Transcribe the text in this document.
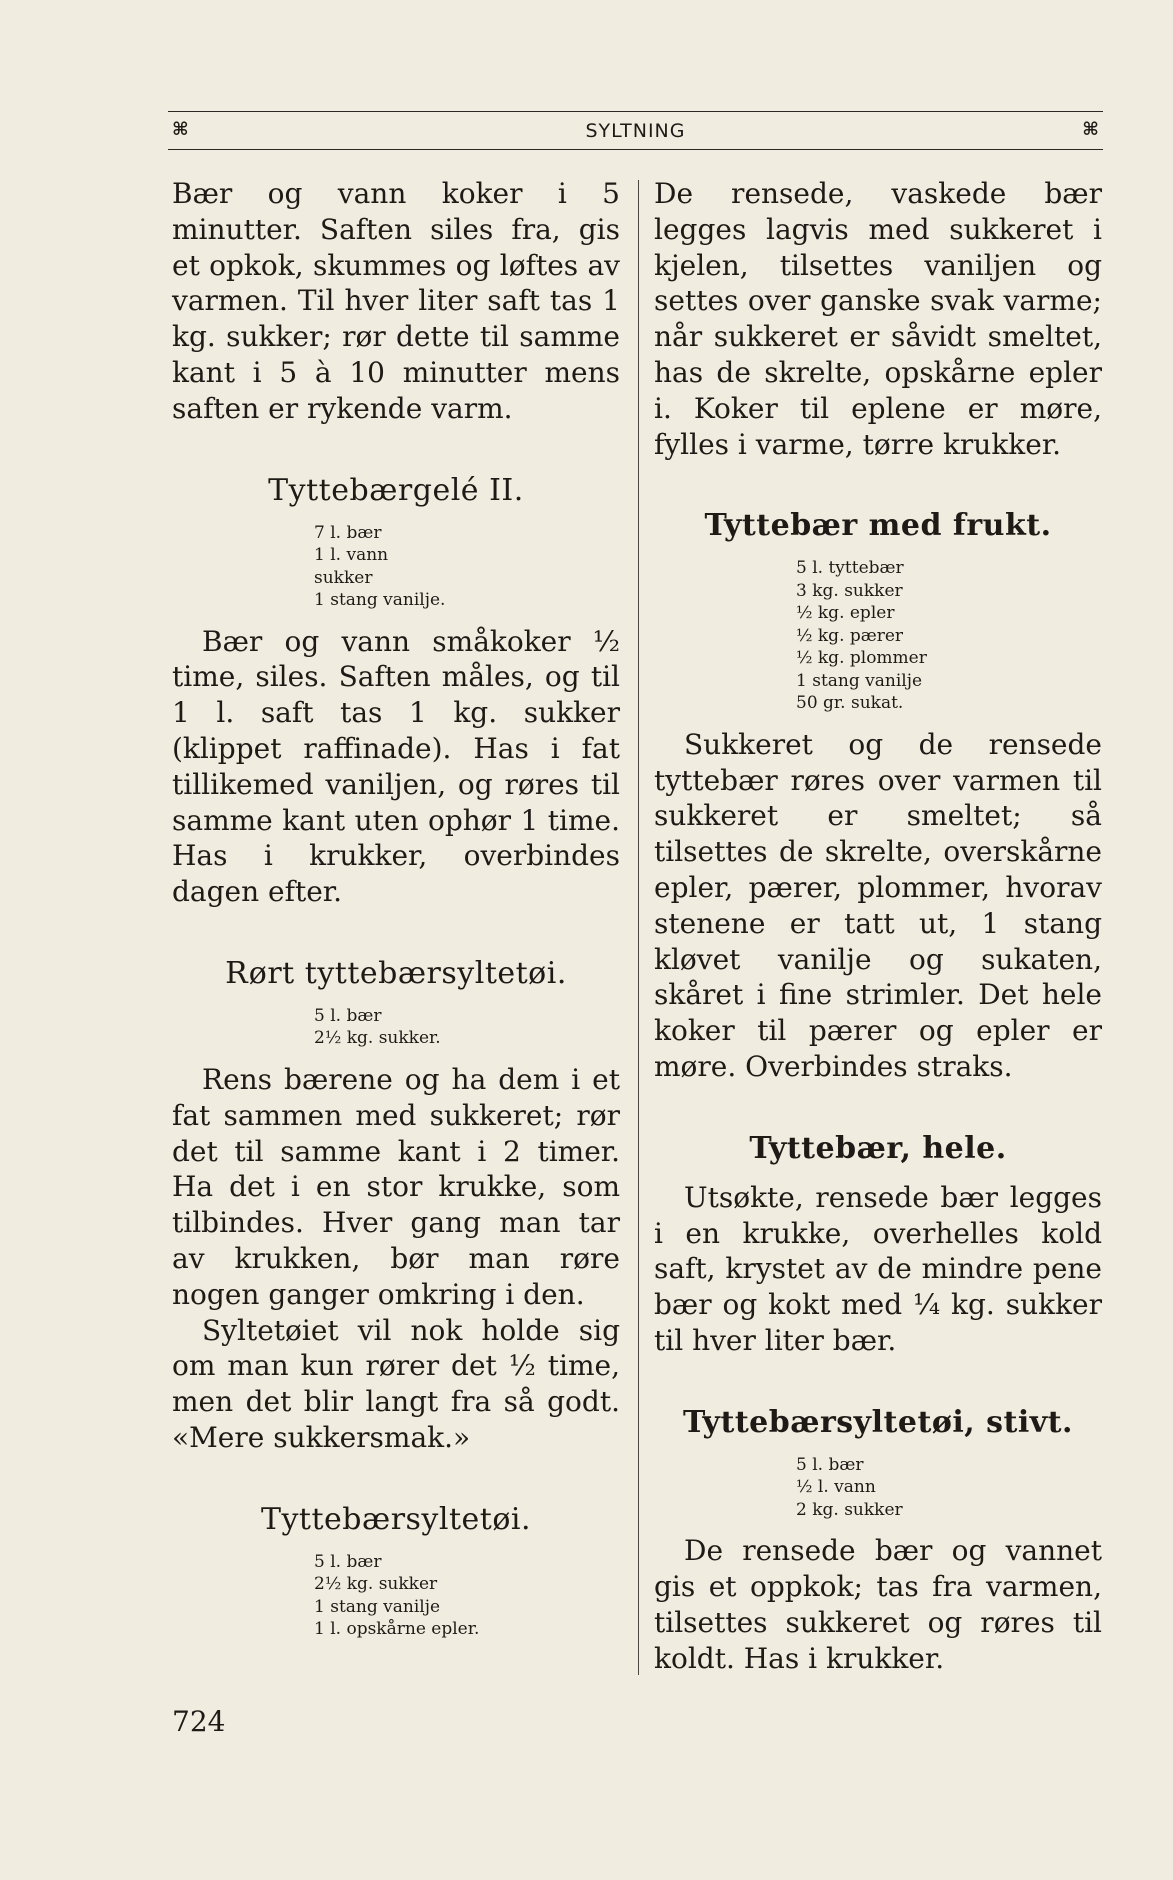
⌘	SYLTNING	⌘

Bær og vann koker i 5 minutter. Saften siles fra, gis et opkok, skummes og løftes av varmen. Til hver liter saft tas 1 kg. sukker; rør dette til samme kant i 5 à 10 minutter mens saften er rykende varm.

Tyttebærgelé II.
7 l. bær
1 l. vann
sukker
1 stang vanilje.

Bær og vann småkoker ½ time, siles. Saften måles, og til 1 l. saft tas 1 kg. sukker (klippet raffinade). Has i fat tillikemed vaniljen, og røres til samme kant uten ophør 1 time. Has i krukker, overbindes dagen efter.

Rørt tyttebærsyltetøi.
5 l. bær
2½ kg. sukker.

Rens bærene og ha dem i et fat sammen med sukkeret; rør det til samme kant i 2 timer. Ha det i en stor krukke, som tilbindes. Hver gang man tar av krukken, bør man røre nogen ganger omkring i den.

Syltetøiet vil nok holde sig om man kun rører det ½ time, men det blir langt fra så godt. «Mere sukkersmak.»

Tyttebærsyltetøi.
5 l. bær
2½ kg. sukker
1 stang vanilje
1 l. opskårne epler.

De rensede, vaskede bær legges lagvis med sukkeret i kjelen, tilsettes vaniljen og settes over ganske svak varme; når sukkeret er såvidt smeltet, has de skrelte, opskårne epler i. Koker til eplene er møre, fylles i varme, tørre krukker.

Tyttebær med frukt.
5 l. tyttebær
3 kg. sukker
½ kg. epler
½ kg. pærer
½ kg. plommer
1 stang vanilje
50 gr. sukat.

Sukkeret og de rensede tyttebær røres over varmen til sukkeret er smeltet; så tilsettes de skrelte, overskårne epler, pærer, plommer, hvorav stenene er tatt ut, 1 stang kløvet vanilje og sukaten, skåret i fine strimler. Det hele koker til pærer og epler er møre. Overbindes straks.

Tyttebær, hele.

Utsøkte, rensede bær legges i en krukke, overhelles kold saft, krystet av de mindre pene bær og kokt med ¼ kg. sukker til hver liter bær.

Tyttebærsyltetøi, stivt.
5 l. bær
½ l. vann
2 kg. sukker

De rensede bær og vannet gis et oppkok; tas fra varmen, tilsettes sukkeret og røres til koldt. Has i krukker.

724
